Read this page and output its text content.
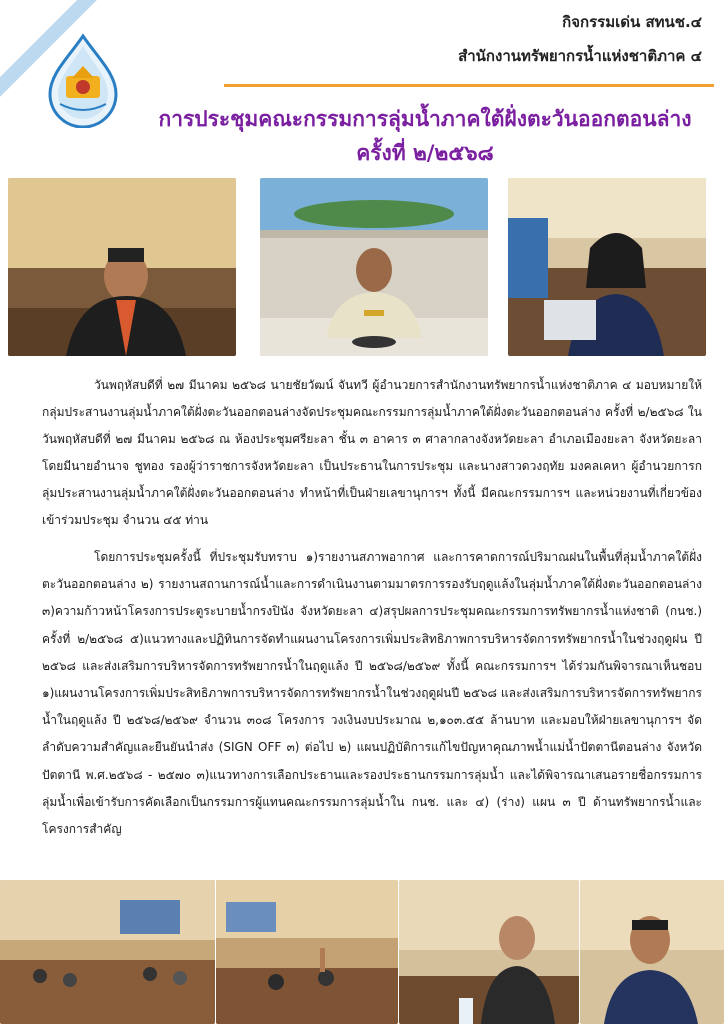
กิจกรรมเด่น สทนช.๔
สำนักงานทรัพยากรน้ำแห่งชาติภาค ๔
การประชุมคณะกรรมการลุ่มน้ำภาคใต้ฝั่งตะวันออกตอนล่าง
ครั้งที่ ๒/๒๕๖๘
วันพฤหัสบดีที่ ๒๗ มีนาคม ๒๕๖๘ นายชัยวัฒน์ จันทวี ผู้อำนวยการสำนักงานทรัพยากรน้ำแห่งชาติภาค ๔ มอบหมายให้กลุ่มประสานงานลุ่มน้ำภาคใต้ฝั่งตะวันออกตอนล่างจัดประชุมคณะกรรมการลุ่มน้ำภาคใต้ฝั่งตะวันออกตอนล่าง ครั้งที่ ๒/๒๕๖๘ ในวันพฤหัสบดีที่ ๒๗ มีนาคม ๒๕๖๘ ณ ห้องประชุมศรียะลา ชั้น ๓ อาคาร ๓ ศาลากลางจังหวัดยะลา อำเภอเมืองยะลา จังหวัดยะลา โดยมีนายอำนาจ ชูทอง รองผู้ว่าราชการจังหวัดยะลา เป็นประธานในการประชุม และนางสาวดวงฤทัย มงคลเคหา ผู้อำนวยการกลุ่มประสานงานลุ่มน้ำภาคใต้ฝั่งตะวันออกตอนล่าง ทำหน้าที่เป็นฝ่ายเลขานุการฯ ทั้งนี้ มีคณะกรรมการฯ และหน่วยงานที่เกี่ยวข้องเข้าร่วมประชุม จำนวน ๔๕ ท่าน
โดยการประชุมครั้งนี้ ที่ประชุมรับทราบ ๑)รายงานสภาพอากาศ และการคาดการณ์ปริมาณฝนในพื้นที่ลุ่มน้ำภาคใต้ฝั่งตะวันออกตอนล่าง ๒) รายงานสถานการณ์น้ำและการดำเนินงานตามมาตรการรองรับฤดูแล้งในลุ่มน้ำภาคใต้ฝั่งตะวันออกตอนล่าง ๓)ความก้าวหน้าโครงการประตูระบายน้ำกรงปินัง จังหวัดยะลา ๔)สรุปผลการประชุมคณะกรรมการทรัพยากรน้ำแห่งชาติ (กนช.) ครั้งที่ ๒/๒๕๖๘ ๕)แนวทางและปฏิทินการจัดทำแผนงานโครงการเพิ่มประสิทธิภาพการบริหารจัดการทรัพยากรน้ำในช่วงฤดูฝน ปี ๒๕๖๘ และส่งเสริมการบริหารจัดการทรัพยากรน้ำในฤดูแล้ง ปี ๒๕๖๘/๒๕๖๙ ทั้งนี้ คณะกรรมการฯ ได้ร่วมกันพิจารณาเห็นชอบ ๑)แผนงานโครงการเพิ่มประสิทธิภาพการบริหารจัดการทรัพยากรน้ำในช่วงฤดูฝนปี ๒๕๖๘ และส่งเสริมการบริหารจัดการทรัพยากรน้ำในฤดูแล้ง ปี ๒๕๖๘/๒๕๖๙ จำนวน ๓๐๘ โครงการ วงเงินงบประมาณ ๒,๑๐๓.๕๕ ล้านบาท และมอบให้ฝ่ายเลขานุการฯ จัดลำดับความสำคัญและยืนยันนำส่ง (SIGN OFF ๓) ต่อไป ๒) แผนปฏิบัติการแก้ไขปัญหาคุณภาพน้ำแม่น้ำปัตตานีตอนล่าง จังหวัดปัตตานี พ.ศ.๒๕๖๘ - ๒๕๗๐ ๓)แนวทางการเลือกประธานและรองประธานกรรมการลุ่มน้ำ และได้พิจารณาเสนอรายชื่อกรรมการลุ่มน้ำเพื่อเข้ารับการคัดเลือกเป็นกรรมการผู้แทนคณะกรรมการลุ่มน้ำใน กนช. และ ๔) (ร่าง) แผน ๓ ปี ด้านทรัพยากรน้ำและโครงการสำคัญ
